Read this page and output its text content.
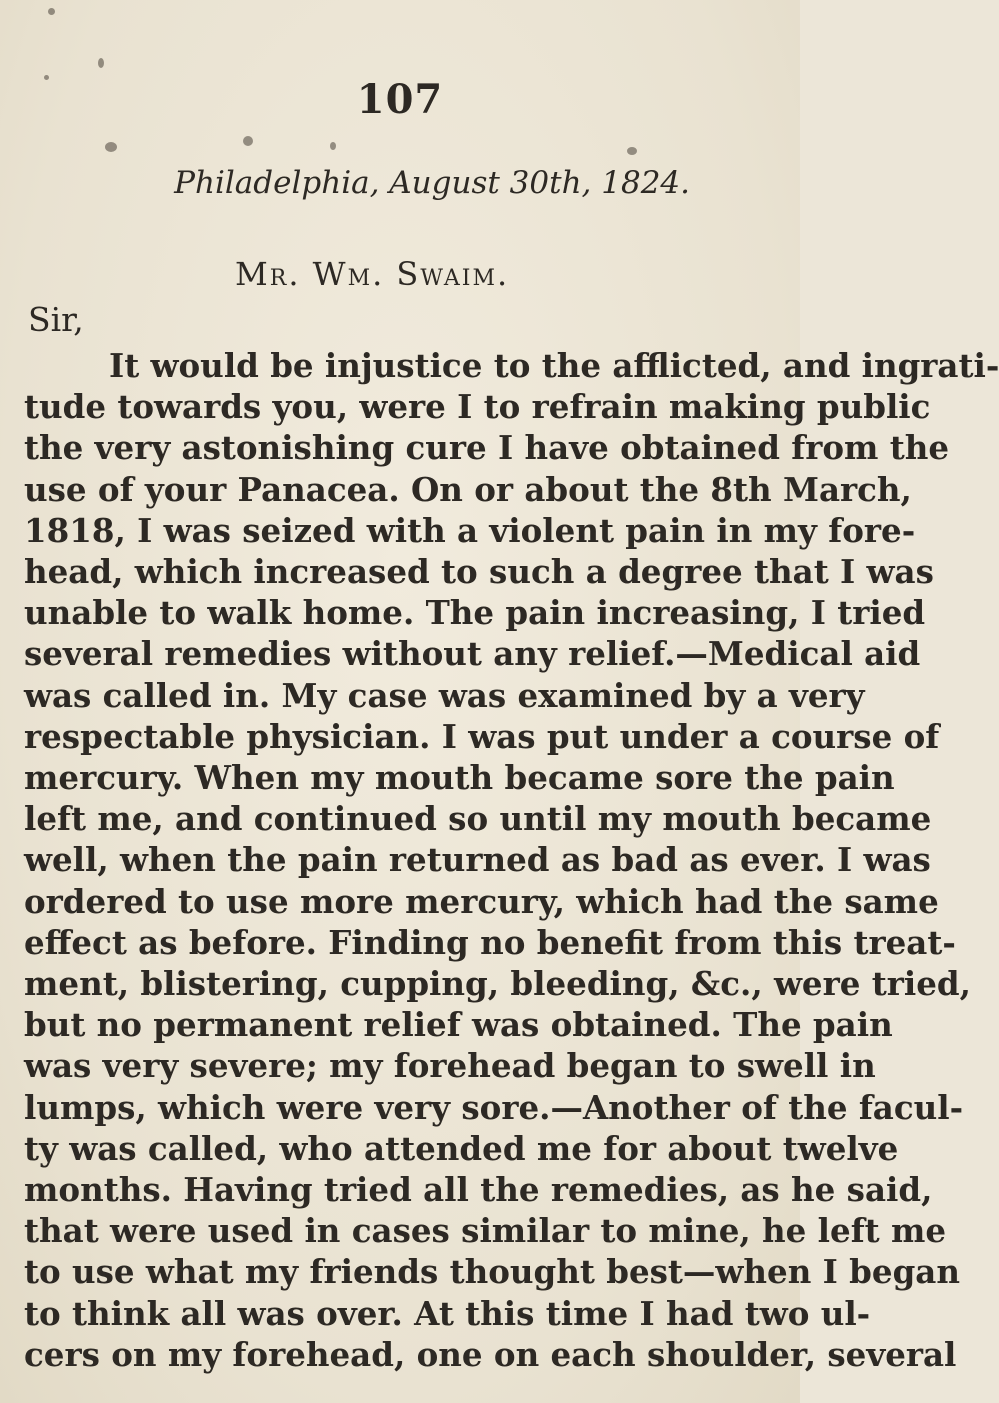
107
Philadelphia, August 30th, 1824.
Mr. Wm. Swaim.
Sir,
It would be injustice to the afflicted, and ingrati-
tude towards you, were I to refrain making public
the very astonishing cure I have obtained from the
use of your Panacea. On or about the 8th March,
1818, I was seized with a violent pain in my fore-
head, which increased to such a degree that I was
unable to walk home. The pain increasing, I tried
several remedies without any relief.—Medical aid
was called in. My case was examined by a very
respectable physician. I was put under a course of
mercury. When my mouth became sore the pain
left me, and continued so until my mouth became
well, when the pain returned as bad as ever. I was
ordered to use more mercury, which had the same
effect as before. Finding no benefit from this treat-
ment, blistering, cupping, bleeding, &c., were tried,
but no permanent relief was obtained. The pain
was very severe; my forehead began to swell in
lumps, which were very sore.—Another of the facul-
ty was called, who attended me for about twelve
months. Having tried all the remedies, as he said,
that were used in cases similar to mine, he left me
to use what my friends thought best—when I began
to think all was over. At this time I had two ul-
cers on my forehead, one on each shoulder, several
